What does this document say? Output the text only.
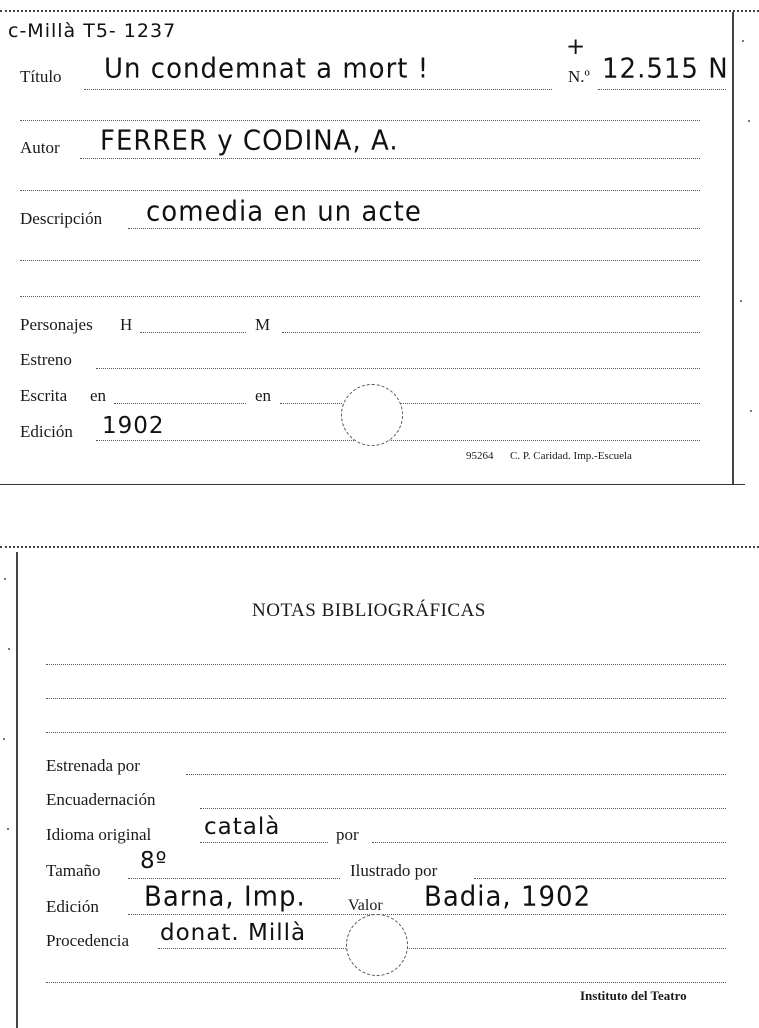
c-Millà T5- 1237
Título Un condemnat a mort !
+
N.º 12.515 N
Autor FERRER y CODINA, A.
Descripción comedia en un acte
Personajes H	M
Estreno
Escrita en	en
Edición 1902
95264 C. P. Caridad. Imp.-Escuela
NOTAS BIBLIOGRÁFICAS
Estrenada por
Encuadernación
Idioma original català	por
Tamaño 8º	Ilustrado por
Edición Barna, Imp.	Valor Badia, 1902
Procedencia donat. Millà
Instituto del Teatro
